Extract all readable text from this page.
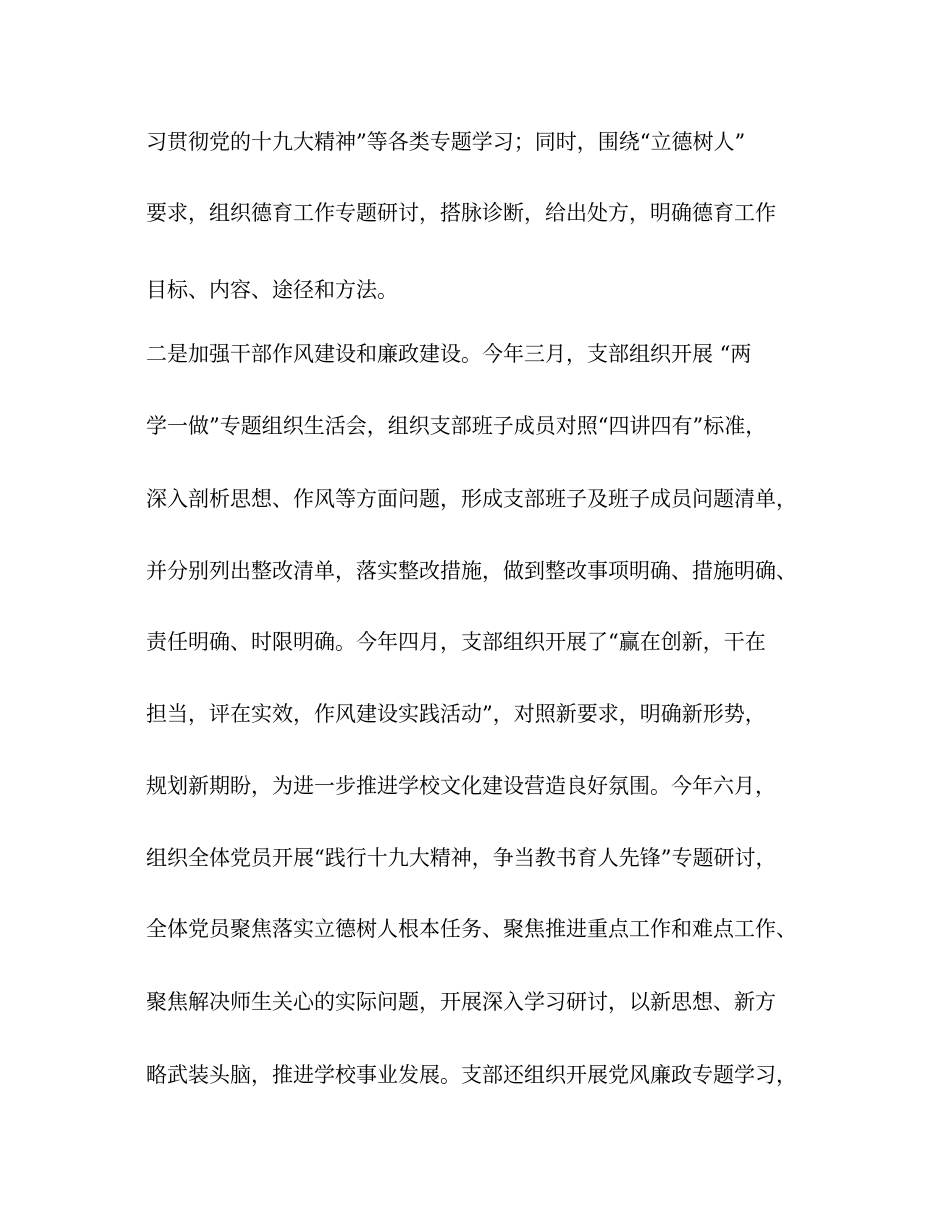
习贯彻党的十九大精神”等各类专题学习；同时，围绕“立德树人”
要求，组织德育工作专题研讨，搭脉诊断，给出处方，明确德育工作
目标、内容、途径和方法。
二是加强干部作风建设和廉政建设。今年三月，支部组织开展 “两
学一做”专题组织生活会，组织支部班子成员对照“四讲四有”标准，
深入剖析思想、作风等方面问题，形成支部班子及班子成员问题清单，
并分别列出整改清单，落实整改措施，做到整改事项明确、措施明确、
责任明确、时限明确。今年四月，支部组织开展了“赢在创新，干在
担当，评在实效，作风建设实践活动”，对照新要求，明确新形势，
规划新期盼，为进一步推进学校文化建设营造良好氛围。今年六月，
组织全体党员开展“践行十九大精神，争当教书育人先锋”专题研讨，
全体党员聚焦落实立德树人根本任务、聚焦推进重点工作和难点工作、
聚焦解决师生关心的实际问题，开展深入学习研讨，以新思想、新方
略武装头脑，推进学校事业发展。支部还组织开展党风廉政专题学习，
